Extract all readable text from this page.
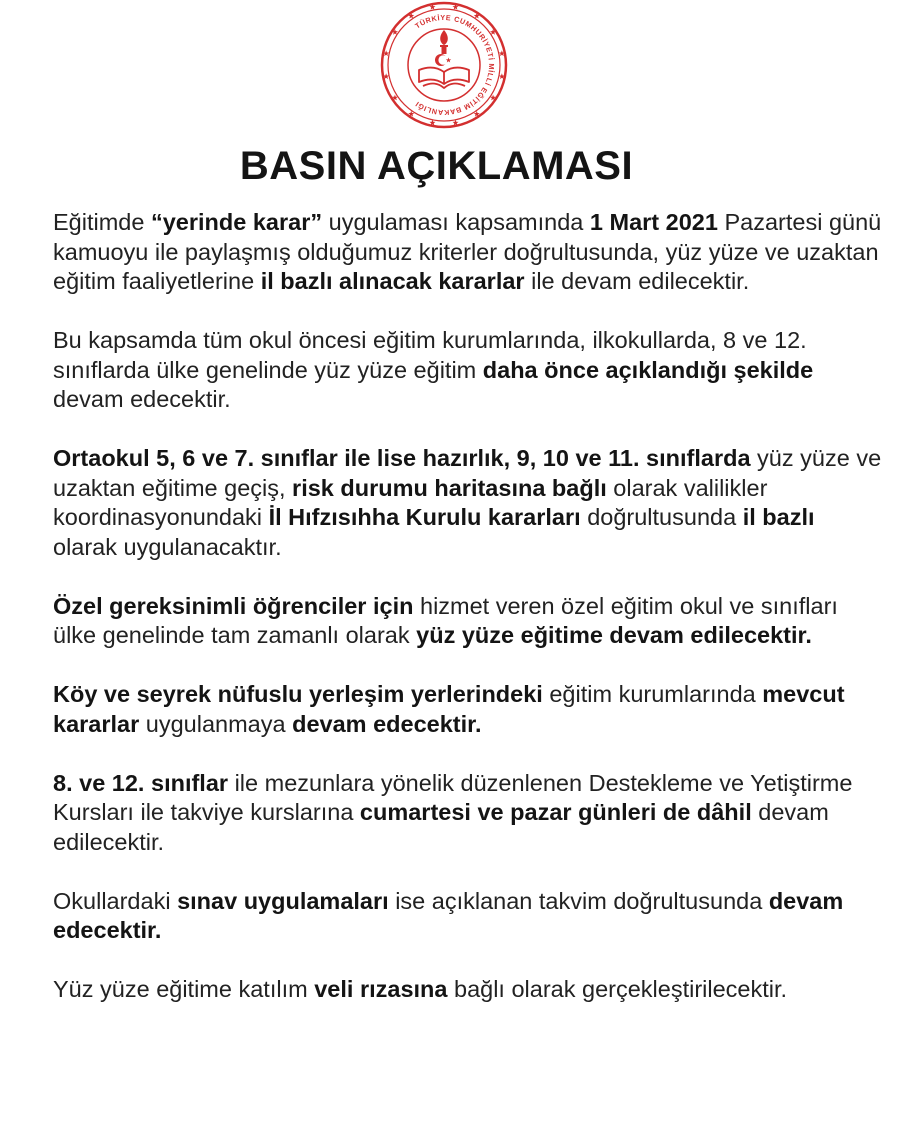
TÜRKİYE CUMHURİYETİ MİLLİ EĞİTİM BAKANLIĞI
BASIN AÇIKLAMASI

Eğitimde “yerinde karar” uygulaması kapsamında 1 Mart 2021 Pazartesi günü kamuoyu ile paylaşmış olduğumuz kriterler doğrultusunda, yüz yüze ve uzaktan eğitim faaliyetlerine il bazlı alınacak kararlar ile devam edilecektir.

Bu kapsamda tüm okul öncesi eğitim kurumlarında, ilkokullarda, 8 ve 12. sınıflarda ülke genelinde yüz yüze eğitim daha önce açıklandığı şekilde devam edecektir.

Ortaokul 5, 6 ve 7. sınıflar ile lise hazırlık, 9, 10 ve 11. sınıflarda yüz yüze ve uzaktan eğitime geçiş, risk durumu haritasına bağlı olarak valilikler koordinasyonundaki İl Hıfzısıhha Kurulu kararları doğrultusunda il bazlı olarak uygulanacaktır.

Özel gereksinimli öğrenciler için hizmet veren özel eğitim okul ve sınıfları ülke genelinde tam zamanlı olarak yüz yüze eğitime devam edilecektir.

Köy ve seyrek nüfuslu yerleşim yerlerindeki eğitim kurumlarında mevcut kararlar uygulanmaya devam edecektir.

8. ve 12. sınıflar ile mezunlara yönelik düzenlenen Destekleme ve Yetiştirme Kursları ile takviye kurslarına cumartesi ve pazar günleri de dâhil devam edilecektir.

Okullardaki sınav uygulamaları ise açıklanan takvim doğrultusunda devam edecektir.

Yüz yüze eğitime katılım veli rızasına bağlı olarak gerçekleştirilecektir.
